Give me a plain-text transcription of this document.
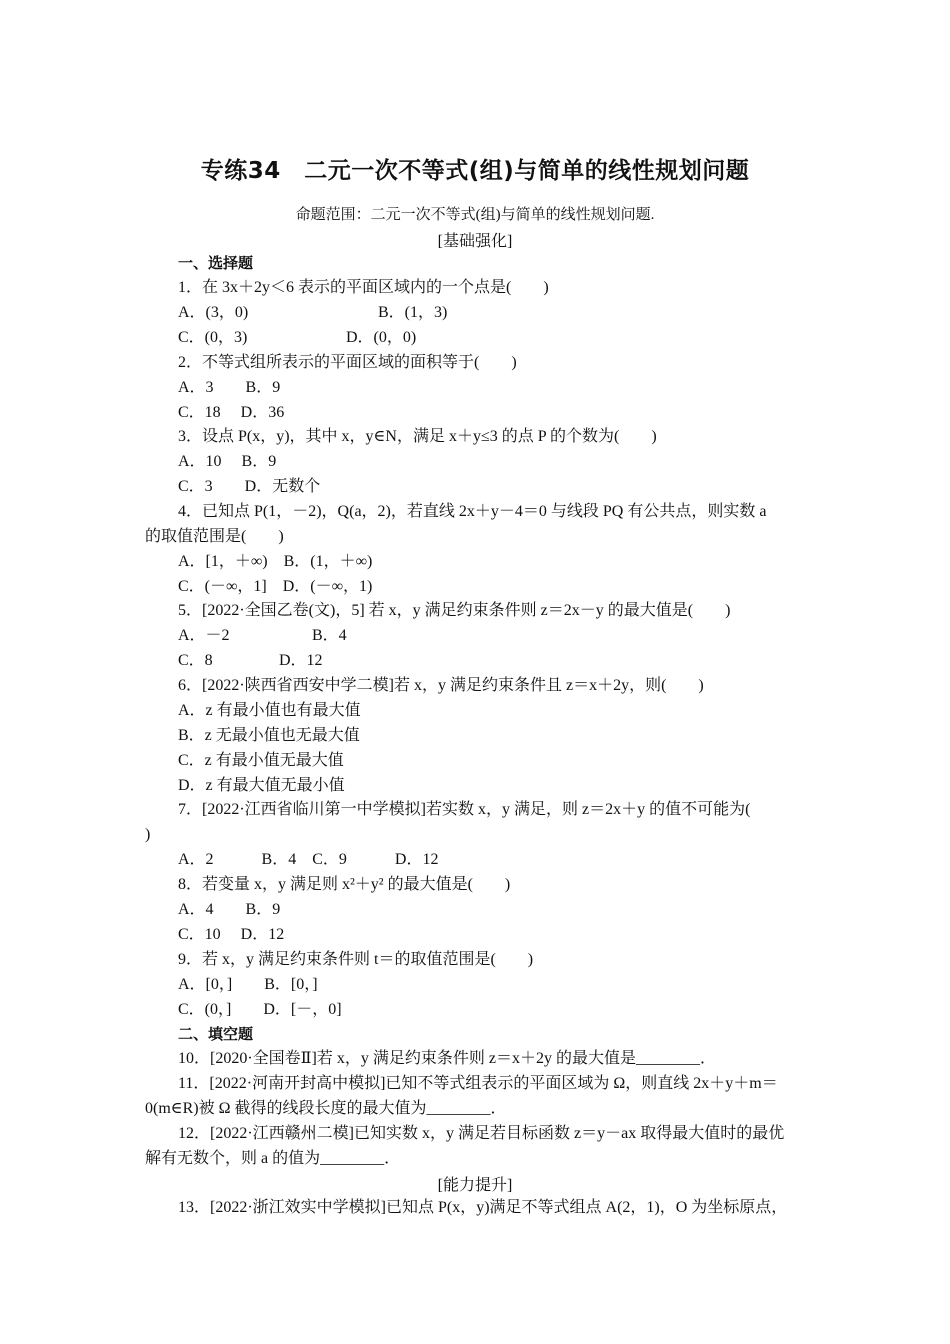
专练34　二元一次不等式(组)与简单的线性规划问题
命题范围：二元一次不等式(组)与简单的线性规划问题.
[基础强化]
一、选择题
1．在 3x＋2y＜6 表示的平面区域内的一个点是(　　)
A．(3，0)	B．(1，3)
C．(0，3)	D．(0，0)
2．不等式组所表示的平面区域的面积等于(　　)
A．3　　B．9
C．18　 D．36
3．设点 P(x，y)，其中 x，y∈N，满足 x＋y≤3 的点 P 的个数为(　　)
A．10　 B．9
C．3　　D．无数个
4．已知点 P(1，－2)，Q(a，2)，若直线 2x＋y－4＝0 与线段 PQ 有公共点，则实数 a
的取值范围是(　　)
A．[1，＋∞)　B．(1，＋∞)
C．(－∞，1]　D．(－∞，1)
5．[2022·全国乙卷(文)，5] 若 x，y 满足约束条件则 z＝2x－y 的最大值是(　　)
A．－2	B．4
C．8	D．12
6．[2022·陕西省西安中学二模]若 x，y 满足约束条件且 z＝x＋2y，则(　　)
A．z 有最小值也有最大值
B．z 无最小值也无最大值
C．z 有最小值无最大值
D．z 有最大值无最小值
7．[2022·江西省临川第一中学模拟]若实数 x，y 满足，则 z＝2x＋y 的值不可能为(
)
A．2　　　B．4　C．9　　　D．12
8．若变量 x，y 满足则 x²＋y² 的最大值是(　　)
A．4　　B．9
C．10　 D．12
9．若 x，y 满足约束条件则 t＝的取值范围是(　　)
A．[0，]　　B．[0，]
C．(0，]　　D．[－，0]
二、填空题
10．[2020·全国卷Ⅱ]若 x，y 满足约束条件则 z＝x＋2y 的最大值是________．
11．[2022·河南开封高中模拟]已知不等式组表示的平面区域为 Ω，则直线 2x＋y＋m＝
0(m∈R)被 Ω 截得的线段长度的最大值为________．
12．[2022·江西赣州二模]已知实数 x，y 满足若目标函数 z＝y－ax 取得最大值时的最优
解有无数个，则 a 的值为________．
[能力提升]
13．[2022·浙江效实中学模拟]已知点 P(x，y)满足不等式组点 A(2，1)，O 为坐标原点，
